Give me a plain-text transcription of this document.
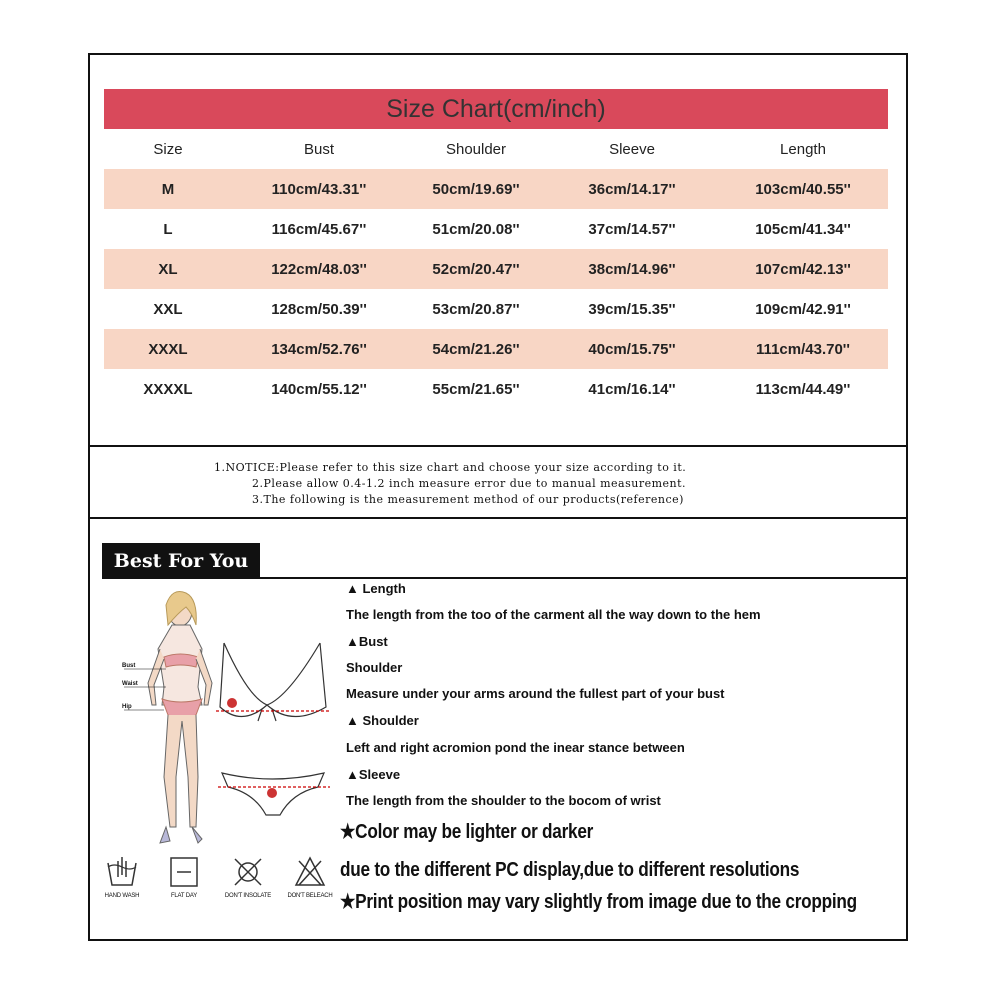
Size Chart(cm/inch)
Size	Bust	Shoulder	Sleeve	Length
M	110cm/43.31''	50cm/19.69''	36cm/14.17''	103cm/40.55''
L	116cm/45.67''	51cm/20.08''	37cm/14.57''	105cm/41.34''
XL	122cm/48.03''	52cm/20.47''	38cm/14.96''	107cm/42.13''
XXL	128cm/50.39''	53cm/20.87''	39cm/15.35''	109cm/42.91''
XXXL	134cm/52.76''	54cm/21.26''	40cm/15.75''	111cm/43.70''
XXXXL	140cm/55.12''	55cm/21.65''	41cm/16.14''	113cm/44.49''
1.NOTICE:Please refer to this size chart and choose your size according to it.
2.Please allow 0.4-1.2 inch measure error due to manual measurement.
3.The following is the measurement method of our products(reference)
Best For You
Bust
Waist
Hip
HAND WASH	FLAT DAY	DON'T INSOLATE	DON'T BELEACH
▲ Length
The length from the too of the carment all the way down to the hem
▲Bust
Shoulder
Measure under your arms around the fullest part of your bust
▲ Shoulder
Left and right acromion pond the inear stance between
▲Sleeve
The length from the shoulder to the bocom of wrist
★Color may be lighter or darker
due to the different PC display,due to different resolutions
★Print position may vary slightly from image due to the cropping
